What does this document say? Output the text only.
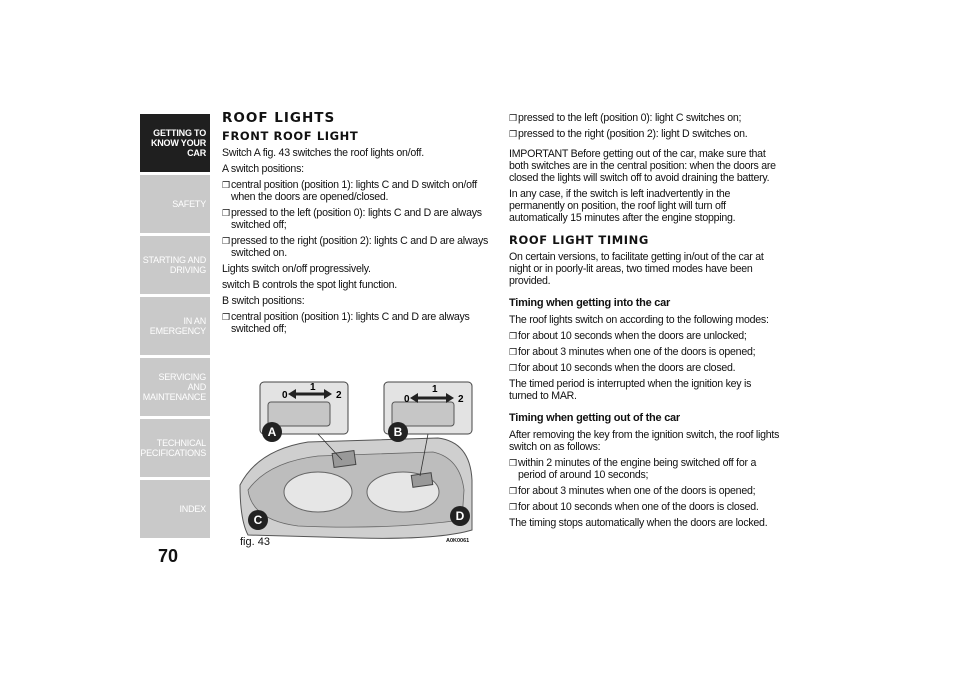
GETTING TO KNOW YOUR CAR
SAFETY
STARTING AND DRIVING
IN AN EMERGENCY
SERVICING AND MAINTENANCE
TECHNICAL SPECIFICATIONS
INDEX
70
ROOF LIGHTS
FRONT ROOF LIGHT

Switch A fig. 43 switches the roof lights on/off.

A switch positions:

❒ central position (position 1): lights C and D switch on/off when the doors are opened/closed.
❒ pressed to the left (position 0): lights C and D are always switched off;
❒ pressed to the right (position 2): lights C and D are always switched on.

Lights switch on/off progressively.

switch B controls the spot light function.

B switch positions:

❒ central position (position 1): lights C and D are always switched off;
0
1
2	0
1
2
A	B
C	D
fig. 43	A0K0061
❒ pressed to the left (position 0): light C switches on;
❒ pressed to the right (position 2): light D switches on.

IMPORTANT Before getting out of the car, make sure that both switches are in the central position: when the doors are closed the lights will switch off to avoid draining the battery.

In any case, if the switch is left inadvertently in the permanently on position, the roof light will turn off automatically 15 minutes after the engine stopping.

ROOF LIGHT TIMING

On certain versions, to facilitate getting in/out of the car at night or in poorly-lit areas, two timed modes have been provided.

Timing when getting into the car

The roof lights switch on according to the following modes:

❒ for about 10 seconds when the doors are unlocked;
❒ for about 3 minutes when one of the doors is opened;
❒ for about 10 seconds when the doors are closed.

The timed period is interrupted when the ignition key is turned to MAR.

Timing when getting out of the car

After removing the key from the ignition switch, the roof lights switch on as follows:

❒ within 2 minutes of the engine being switched off for a period of around 10 seconds;
❒ for about 3 minutes when one of the doors is opened;
❒ for about 10 seconds when one of the doors is closed.

The timing stops automatically when the doors are locked.
